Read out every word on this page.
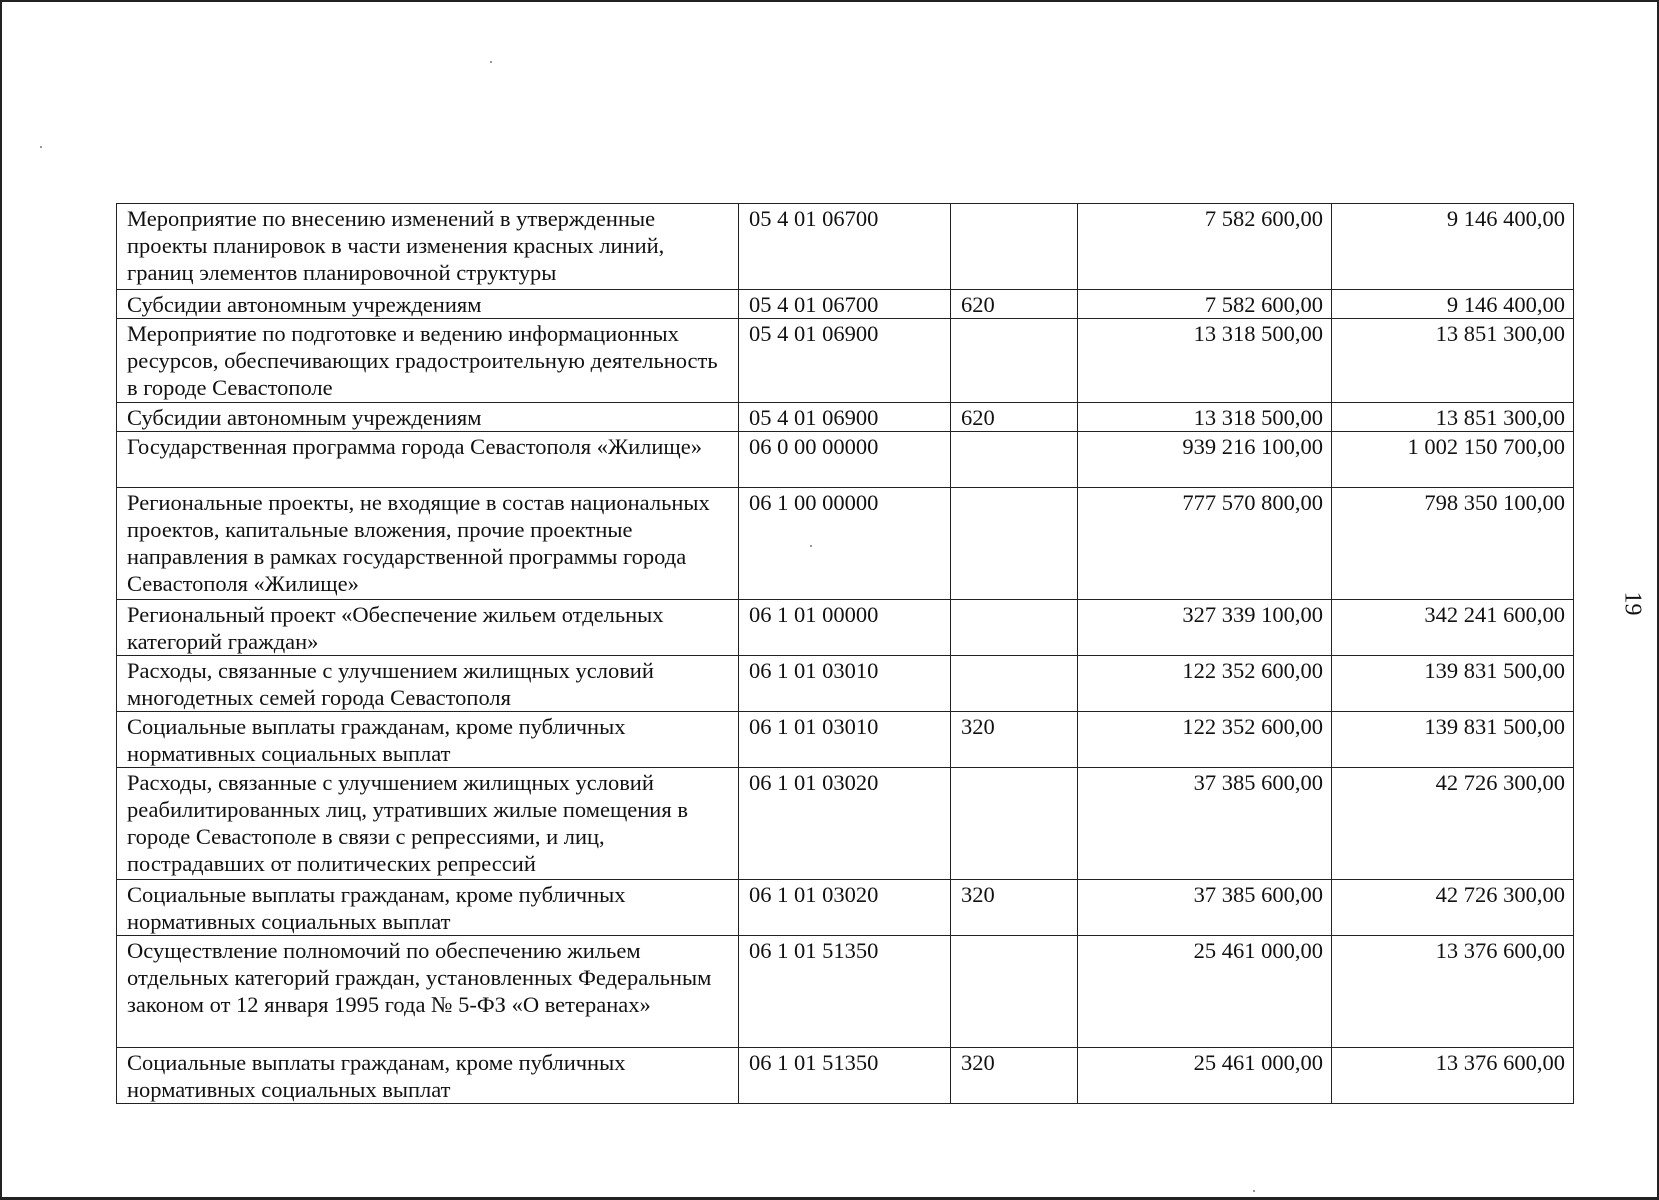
Мероприятие по внесению изменений в утвержденные проекты планировок в части изменения красных линий, границ элементов планировочной структуры	05 4 01 06700		7 582 600,00	9 146 400,00
Субсидии автономным учреждениям	05 4 01 06700	620	7 582 600,00	9 146 400,00
Мероприятие по подготовке и ведению информационных ресурсов, обеспечивающих градостроительную деятельность в городе Севастополе	05 4 01 06900		13 318 500,00	13 851 300,00
Субсидии автономным учреждениям	05 4 01 06900	620	13 318 500,00	13 851 300,00
Государственная программа города Севастополя «Жилище»	06 0 00 00000		939 216 100,00	1 002 150 700,00
Региональные проекты, не входящие в состав национальных проектов, капитальные вложения, прочие проектные направления в рамках государственной программы города Севастополя «Жилище»	06 1 00 00000		777 570 800,00	798 350 100,00
Региональный проект «Обеспечение жильем отдельных категорий граждан»	06 1 01 00000		327 339 100,00	342 241 600,00
Расходы, связанные с улучшением жилищных условий многодетных семей города Севастополя	06 1 01 03010		122 352 600,00	139 831 500,00
Социальные выплаты гражданам, кроме публичных нормативных социальных выплат	06 1 01 03010	320	122 352 600,00	139 831 500,00
Расходы, связанные с улучшением жилищных условий реабилитированных лиц, утративших жилые помещения в городе Севастополе в связи с репрессиями, и лиц, пострадавших от политических репрессий	06 1 01 03020		37 385 600,00	42 726 300,00
Социальные выплаты гражданам, кроме публичных нормативных социальных выплат	06 1 01 03020	320	37 385 600,00	42 726 300,00
Осуществление полномочий по обеспечению жильем отдельных категорий граждан, установленных Федеральным законом от 12 января 1995 года № 5-ФЗ «О ветеранах»	06 1 01 51350		25 461 000,00	13 376 600,00
Социальные выплаты гражданам, кроме публичных нормативных социальных выплат	06 1 01 51350	320	25 461 000,00	13 376 600,00
19
